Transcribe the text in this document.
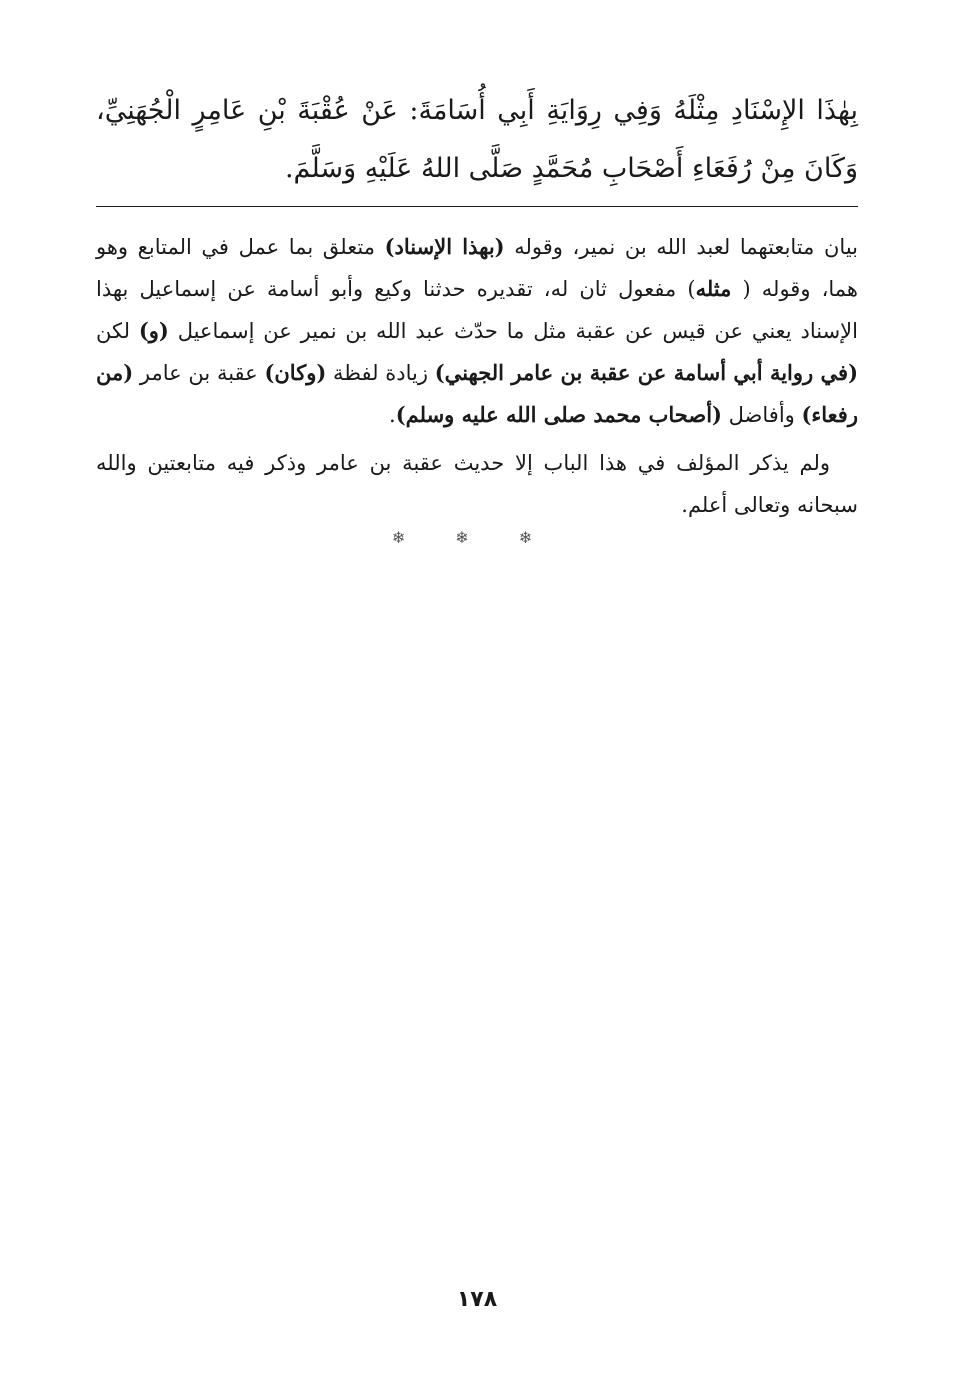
بِهٰذَا الإِسْنَادِ مِثْلَهُ وَفِي رِوَايَةِ أَبِي أُسَامَةَ: عَنْ عُقْبَةَ بْنِ عَامِرٍ الْجُهَنِيِّ، وَكَانَ مِنْ رُفَعَاءِ أَصْحَابِ مُحَمَّدٍ صَلَّى اللهُ عَلَيْهِ وَسَلَّمَ.

بيان متابعتهما لعبد الله بن نمير، وقوله (بهذا الإسناد) متعلق بما عمل في المتابع وهو هما، وقوله ( مثله) مفعول ثان له، تقديره حدثنا وكيع وأبو أسامة عن إسماعيل بهذا الإسناد يعني عن قيس عن عقبة مثل ما حدّث عبد الله بن نمير عن إسماعيل (و) لكن (في رواية أبي أسامة عن عقبة بن عامر الجهني) زيادة لفظة (وكان) عقبة بن عامر (من رفعاء) وأفاضل (أصحاب محمد صلى الله عليه وسلم).

ولم يذكر المؤلف في هذا الباب إلا حديث عقبة بن عامر وذكر فيه متابعتين والله سبحانه وتعالى أعلم.

❄ ❄ ❄
١٧٨
